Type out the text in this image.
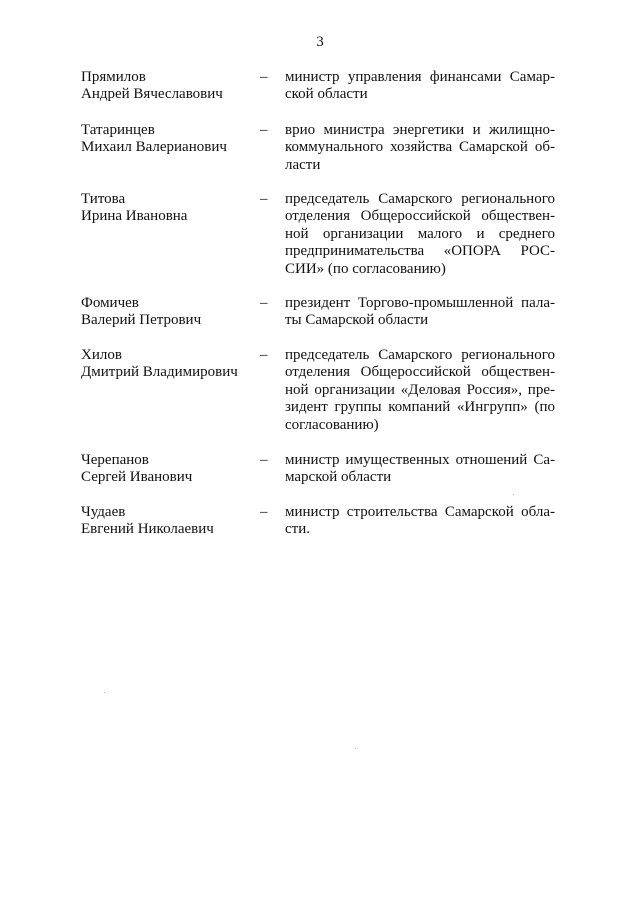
3
Прямилов
Андрей Вячеславович
–	министр управления финансами Самар-
ской области
Татаринцев
Михаил Валерианович
–	врио министра энергетики и жилищно-
коммунального хозяйства Самарской об-
ласти
Титова
Ирина Ивановна
–	председатель Самарского регионального
отделения Общероссийской обществен-
ной организации малого и среднего
предпринимательства «ОПОРА РОС-
СИИ» (по согласованию)
Фомичев
Валерий Петрович
–	президент Торгово-промышленной пала-
ты Самарской области
Хилов
Дмитрий Владимирович
–	председатель Самарского регионального
отделения Общероссийской обществен-
ной организации «Деловая Россия», пре-
зидент группы компаний «Ингрупп» (по
согласованию)
Черепанов
Сергей Иванович
–	министр имущественных отношений Са-
марской области
Чудаев
Евгений Николаевич
–	министр строительства Самарской обла-
сти.
